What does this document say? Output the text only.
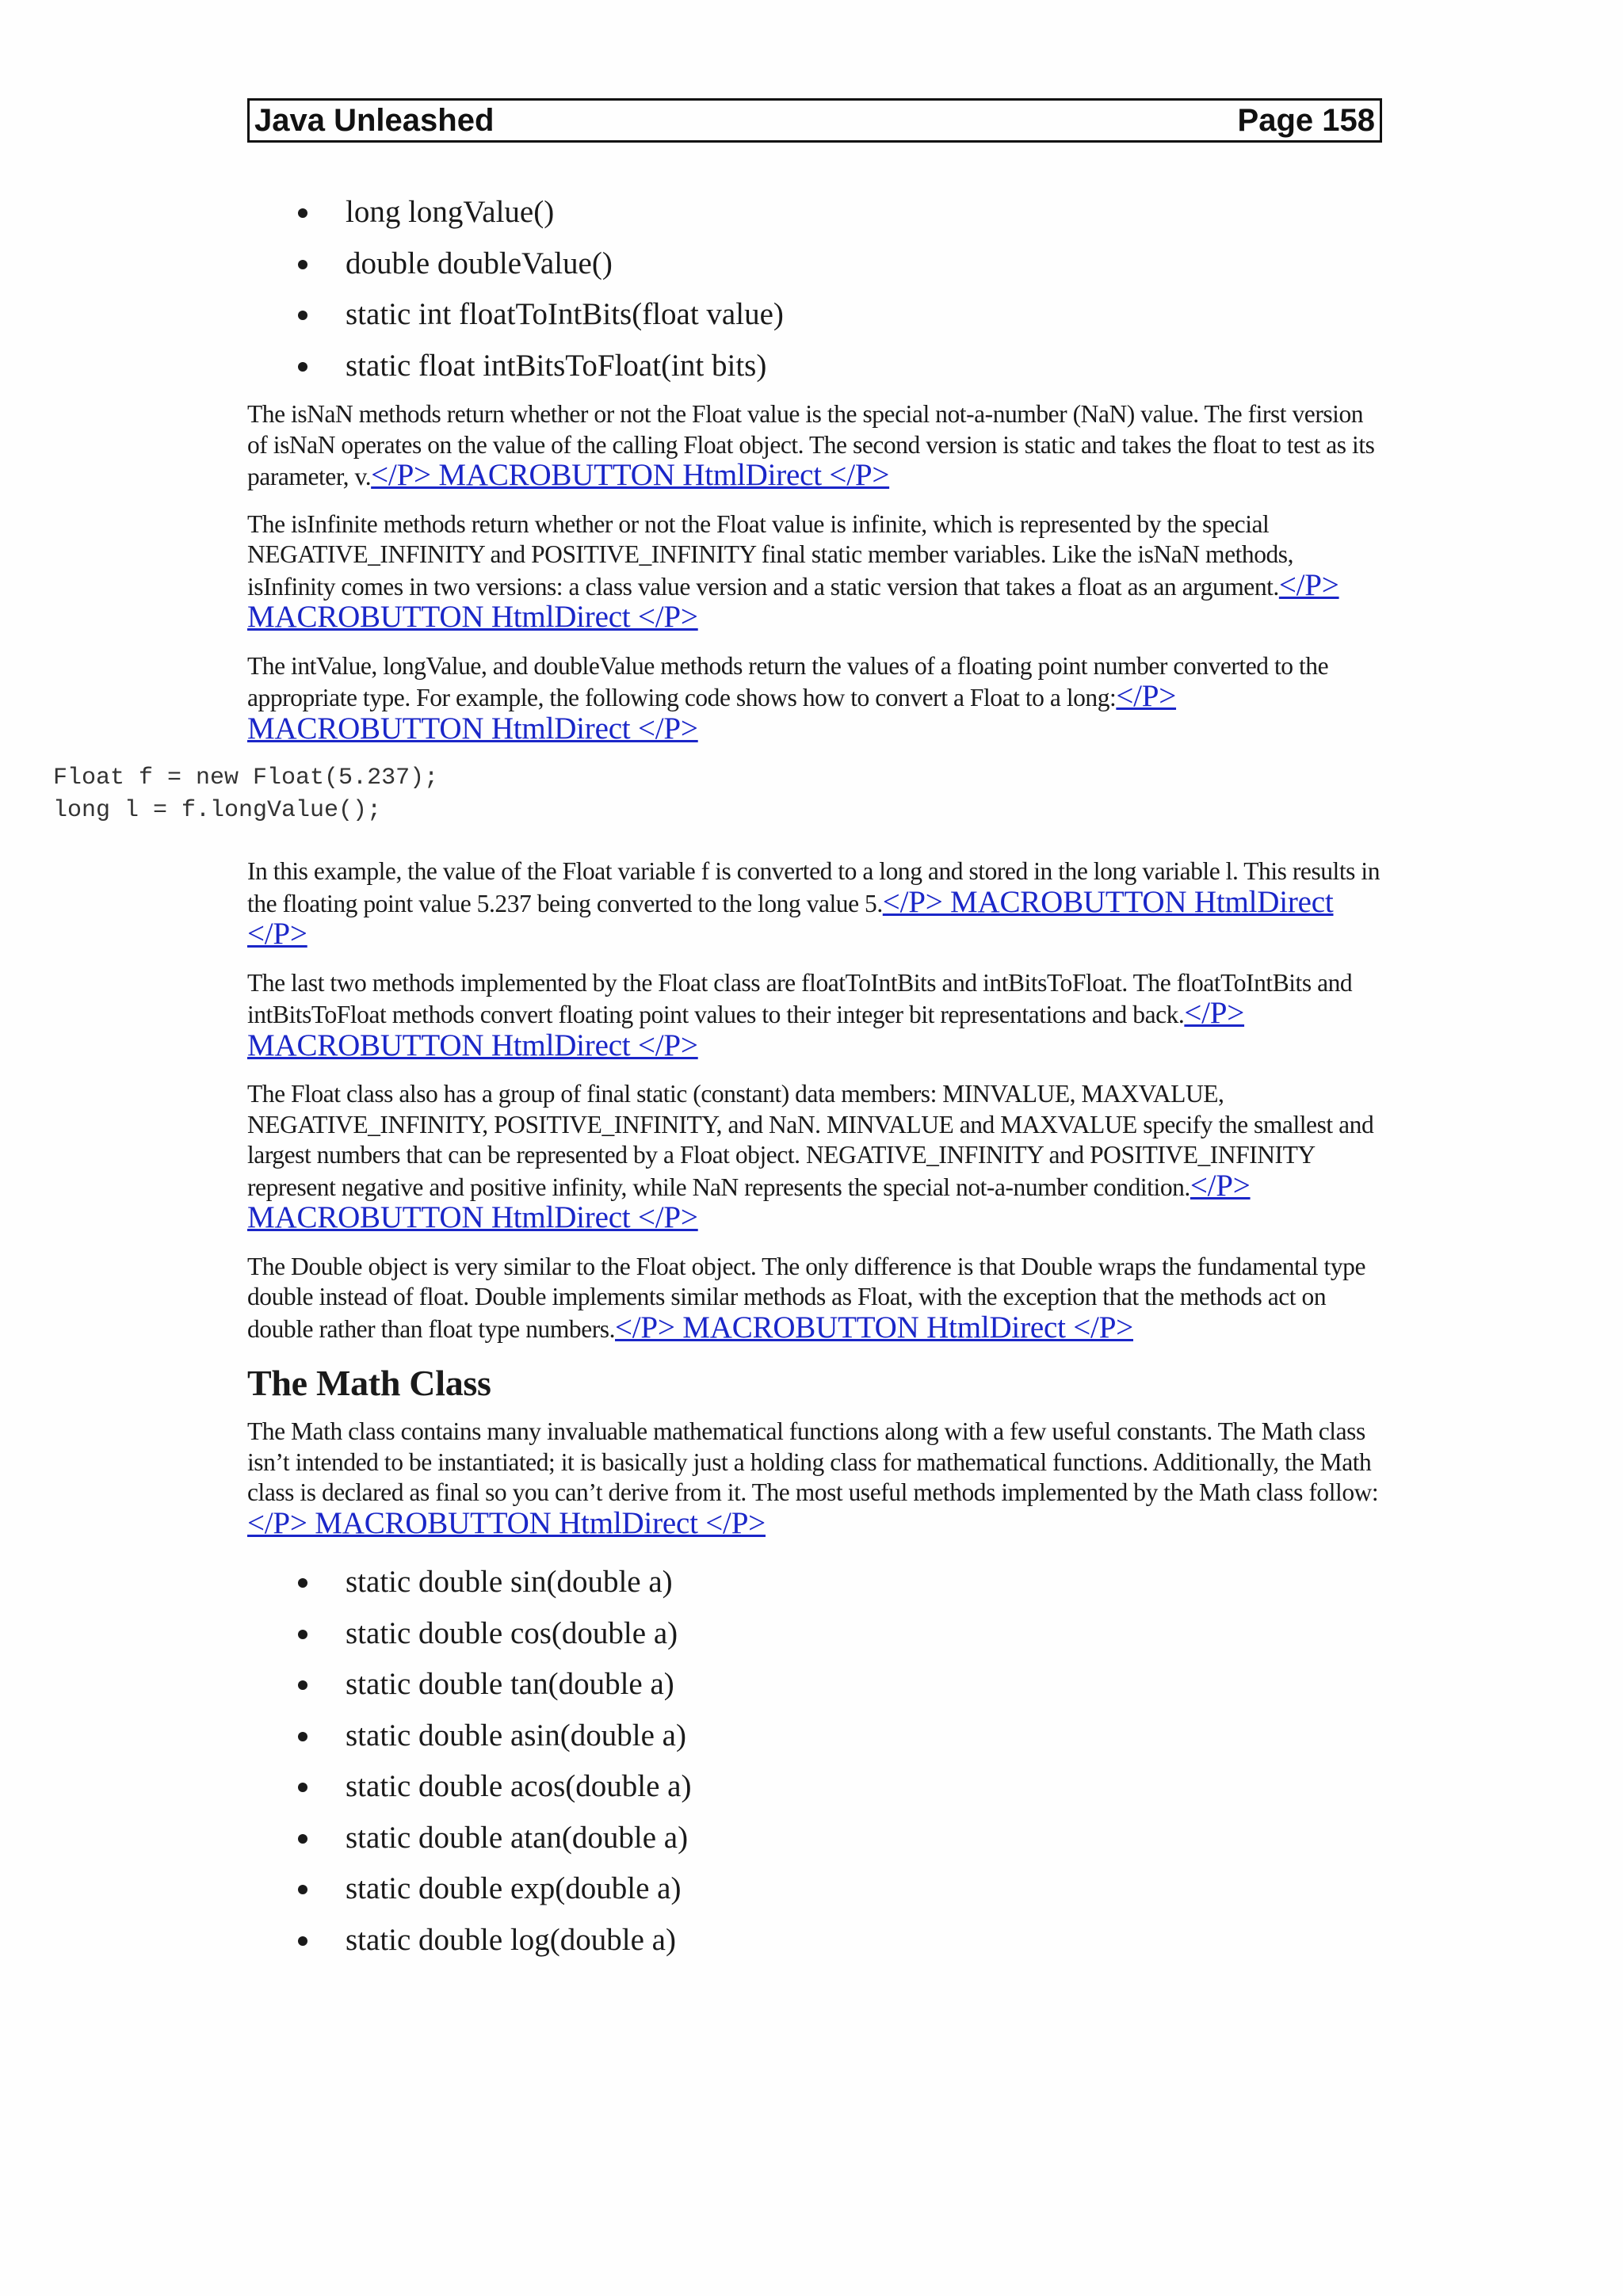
Java Unleashed	Page 158
long longValue()
double doubleValue()
static int floatToIntBits(float value)
static float intBitsToFloat(int bits)

The isNaN methods return whether or not the Float value is the special not-a-number (NaN) value. The first version of isNaN operates on the value of the calling Float object. The second version is static and takes the float to test as its parameter, v.</P> MACROBUTTON HtmlDirect </P>

The isInfinite methods return whether or not the Float value is infinite, which is represented by the special NEGATIVE_INFINITY and POSITIVE_INFINITY final static member variables. Like the isNaN methods, isInfinity comes in two versions: a class value version and a static version that takes a float as an argument.</P> MACROBUTTON HtmlDirect </P>

The intValue, longValue, and doubleValue methods return the values of a floating point number converted to the appropriate type. For example, the following code shows how to convert a Float to a long:</P> MACROBUTTON HtmlDirect </P>

Float f = new Float(5.237);
long l = f.longValue();

In this example, the value of the Float variable f is converted to a long and stored in the long variable l. This results in the floating point value 5.237 being converted to the long value 5.</P> MACROBUTTON HtmlDirect </P>

The last two methods implemented by the Float class are floatToIntBits and intBitsToFloat. The floatToIntBits and intBitsToFloat methods convert floating point values to their integer bit representations and back.</P> MACROBUTTON HtmlDirect </P>

The Float class also has a group of final static (constant) data members: MINVALUE, MAXVALUE, NEGATIVE_INFINITY, POSITIVE_INFINITY, and NaN. MINVALUE and MAXVALUE specify the smallest and largest numbers that can be represented by a Float object. NEGATIVE_INFINITY and POSITIVE_INFINITY represent negative and positive infinity, while NaN represents the special not-a-number condition.</P> MACROBUTTON HtmlDirect </P>

The Double object is very similar to the Float object. The only difference is that Double wraps the fundamental type double instead of float. Double implements similar methods as Float, with the exception that the methods act on double rather than float type numbers.</P> MACROBUTTON HtmlDirect </P>

The Math Class

The Math class contains many invaluable mathematical functions along with a few useful constants. The Math class isn’t intended to be instantiated; it is basically just a holding class for mathematical functions. Additionally, the Math class is declared as final so you can’t derive from it. The most useful methods implemented by the Math class follow:</P> MACROBUTTON HtmlDirect </P>

static double sin(double a)
static double cos(double a)
static double tan(double a)
static double asin(double a)
static double acos(double a)
static double atan(double a)
static double exp(double a)
static double log(double a)
